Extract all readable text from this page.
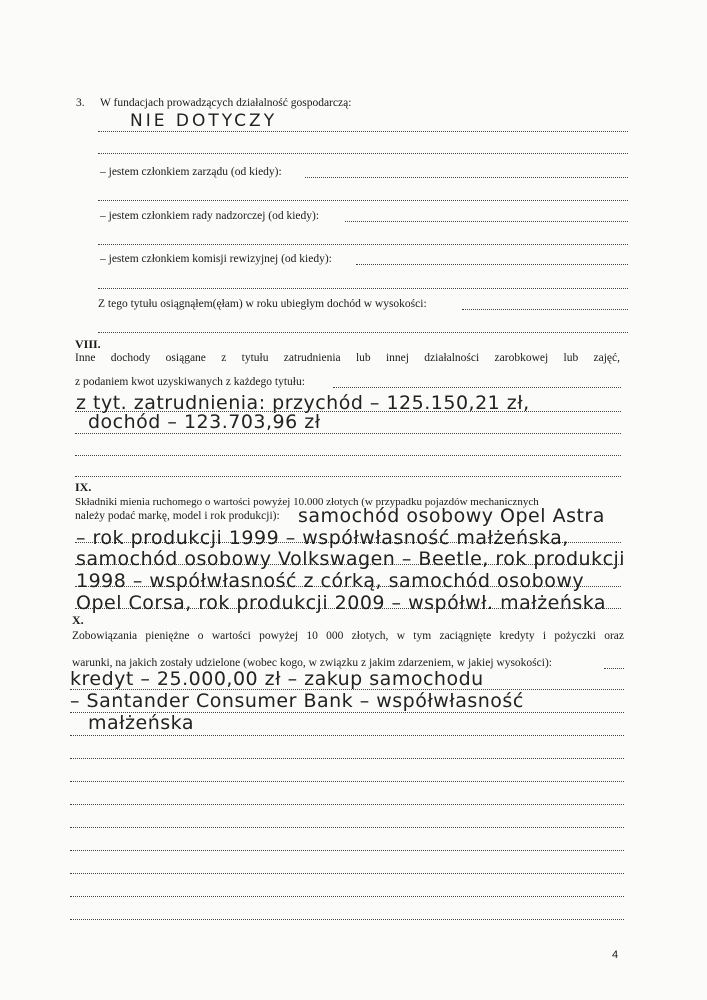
3. W fundacjach prowadzących działalność gospodarczą:
NIE DOTYCZY
– jestem członkiem zarządu (od kiedy):
– jestem członkiem rady nadzorczej (od kiedy):
– jestem członkiem komisji rewizyjnej (od kiedy):
Z tego tytułu osiągnąłem(ęłam) w roku ubiegłym dochód w wysokości:
VIII.
Inne dochody osiągane z tytułu zatrudnienia lub innej działalności zarobkowej lub zajęć,
z podaniem kwot uzyskiwanych z każdego tytułu:
z tyt. zatrudnienia: przychód – 125.150,21 zł,
dochód – 123.703,96 zł
IX.
Składniki mienia ruchomego o wartości powyżej 10.000 złotych (w przypadku pojazdów mechanicznych
należy podać markę, model i rok produkcji): samochód osobowy Opel Astra
– rok produkcji 1999 – współwłasność małżeńska,
samochód osobowy Volkswagen – Beetle, rok produkcji
1998 – współwłasność z córką, samochód osobowy
Opel Corsa, rok produkcji 2009 – współwł. małżeńska
X.
Zobowiązania pieniężne o wartości powyżej 10 000 złotych, w tym zaciągnięte kredyty i pożyczki oraz
warunki, na jakich zostały udzielone (wobec kogo, w związku z jakim zdarzeniem, w jakiej wysokości):
kredyt – 25.000,00 zł – zakup samochodu
– Santander Consumer Bank – współwłasność
małżeńska
4
